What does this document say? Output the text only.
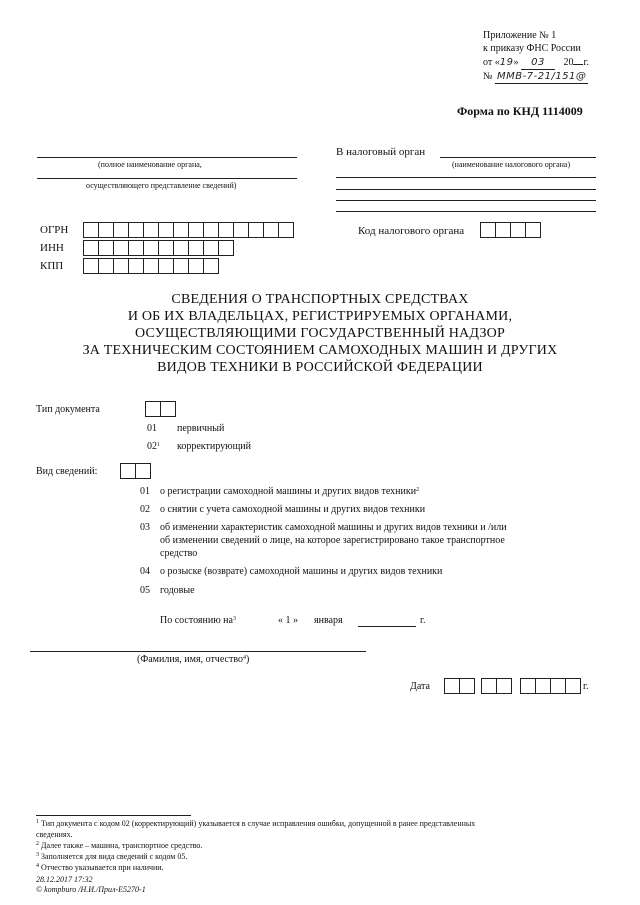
Приложение № 1
к приказу ФНС России
от «19» 03 20 г.
№ ММВ-7-21/151@
Форма по КНД 1114009
(полное наименование органа,
осуществляющего представление сведений)
В налоговый орган
(наименование налогового органа)
ОГРН
ИНН
КПП
Код налогового органа
СВЕДЕНИЯ О ТРАНСПОРТНЫХ СРЕДСТВАХ
И ОБ ИХ ВЛАДЕЛЬЦАХ, РЕГИСТРИРУЕМЫХ ОРГАНАМИ,
ОСУЩЕСТВЛЯЮЩИМИ ГОСУДАРСТВЕННЫЙ НАДЗОР
ЗА ТЕХНИЧЕСКИМ СОСТОЯНИЕМ САМОХОДНЫХ МАШИН И ДРУГИХ
ВИДОВ ТЕХНИКИ В РОССИЙСКОЙ ФЕДЕРАЦИИ
Тип документа
01 первичный
$02^1$ корректирующий
Вид сведений:
01 о регистрации самоходной машины и других видов техники$^2$
02 о снятии с учета самоходной машины и других видов техники
03 об изменении характеристик самоходной машины и других видов техники и /или
об изменении сведений о лице, на которое зарегистрировано такое транспортное
средство
04 о розыске (возврате) самоходной машины и других видов техники
05 годовые
По состоянию $на^3$	« 1 » января	г.
(Фамилия, имя, отчество$^4$)
Дата	г.
$^1$ Тип документа с кодом 02 (корректирующий) указывается в случае исправления ошибки, допущенной в ранее представленных
сведениях.
$^2$ Далее также – машина, транспортное средство.
$^3$ Заполняется для вида сведений с кодом 05.
$^4$ Отчество указывается при наличии.
28.12.2017 17:32
© kompburo /Н.И./Прил-Е5270-1
